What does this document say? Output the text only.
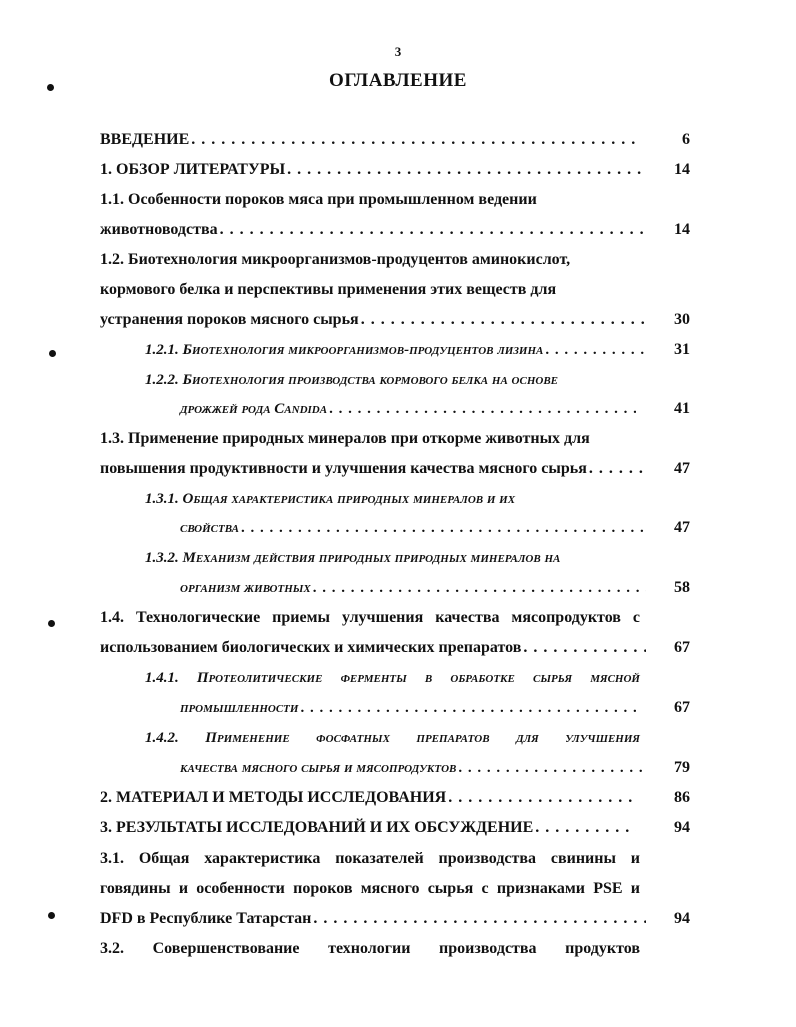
3
ОГЛАВЛЕНИЕ
ВВЕДЕНИЕ . . .	6
1. ОБЗОР ЛИТЕРАТУРЫ . . .	14
1.1. Особенности пороков мяса при промышленном ведении
животноводства . . .	14
1.2. Биотехнология микроорганизмов-продуцентов аминокислот,
кормового белка и перспективы применения этих веществ для
устранения пороков мясного сырья . . .	30
1.2.1. Биотехнология микроорганизмов-продуцентов лизина . . .	31
1.2.2. Биотехнология производства кормового белка на основе
дрожжей рода Candida . . .	41
1.3. Применение природных минералов при откорме животных для
повышения продуктивности и улучшения качества мясного сырья . . .	47
1.3.1. Общая характеристика природных минералов и их
свойства . . .	47
1.3.2. Механизм действия природных природных минералов на
организм животных . . .	58
1.4. Технологические приемы улучшения качества мясопродуктов с
использованием биологических и химических препаратов . . .	67
1.4.1. Протеолитические ферменты в обработке сырья мясной
промышленности . . .	67
1.4.2. Применение фосфатных препаратов для улучшения
качества мясного сырья и мясопродуктов . . .	79
2. МАТЕРИАЛ И МЕТОДЫ ИССЛЕДОВАНИЯ . . .	86
3. РЕЗУЛЬТАТЫ ИССЛЕДОВАНИЙ И ИХ ОБСУЖДЕНИЕ . . .	94
3.1. Общая характеристика показателей производства свинины и
говядины и особенности пороков мясного сырья с признаками PSE и
DFD в Республике Татарстан . . .	94
3.2. Совершенствование технологии производства продуктов
